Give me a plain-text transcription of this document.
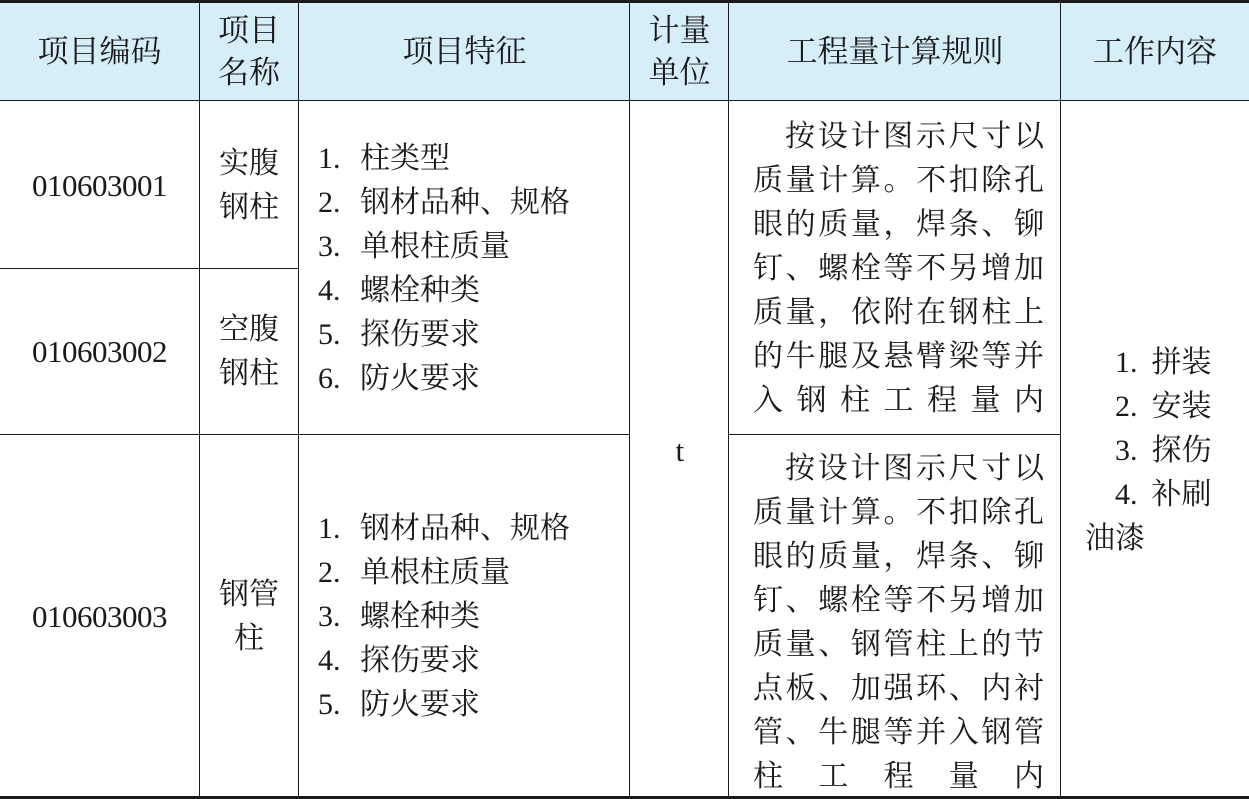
项目编码
项目
名称
项目特征
计量
单位
工程量计算规则	工作内容
010603001
实腹
钢柱
010603002
空腹
钢柱
010603003
钢管
柱
1. 柱类型
2. 钢材品种、规格
3. 单根柱质量
4. 螺栓种类
5. 探伤要求
6. 防火要求
1. 钢材品种、规格
2. 单根柱质量
3. 螺栓种类
4. 探伤要求
5. 防火要求
t

按设计图示尺寸以质量计算。不扣除孔眼的质量，焊条、铆钉、螺栓等不另增加质量，依附在钢柱上的牛腿及悬臂梁等并入钢柱工程量内

按设计图示尺寸以质量计算。不扣除孔眼的质量，焊条、铆钉、螺栓等不另增加质量、钢管柱上的节点板、加强环、内衬管、牛腿等并入钢管柱工程量内

1. 拼装
2. 安装
3. 探伤
4. 补刷
油漆
